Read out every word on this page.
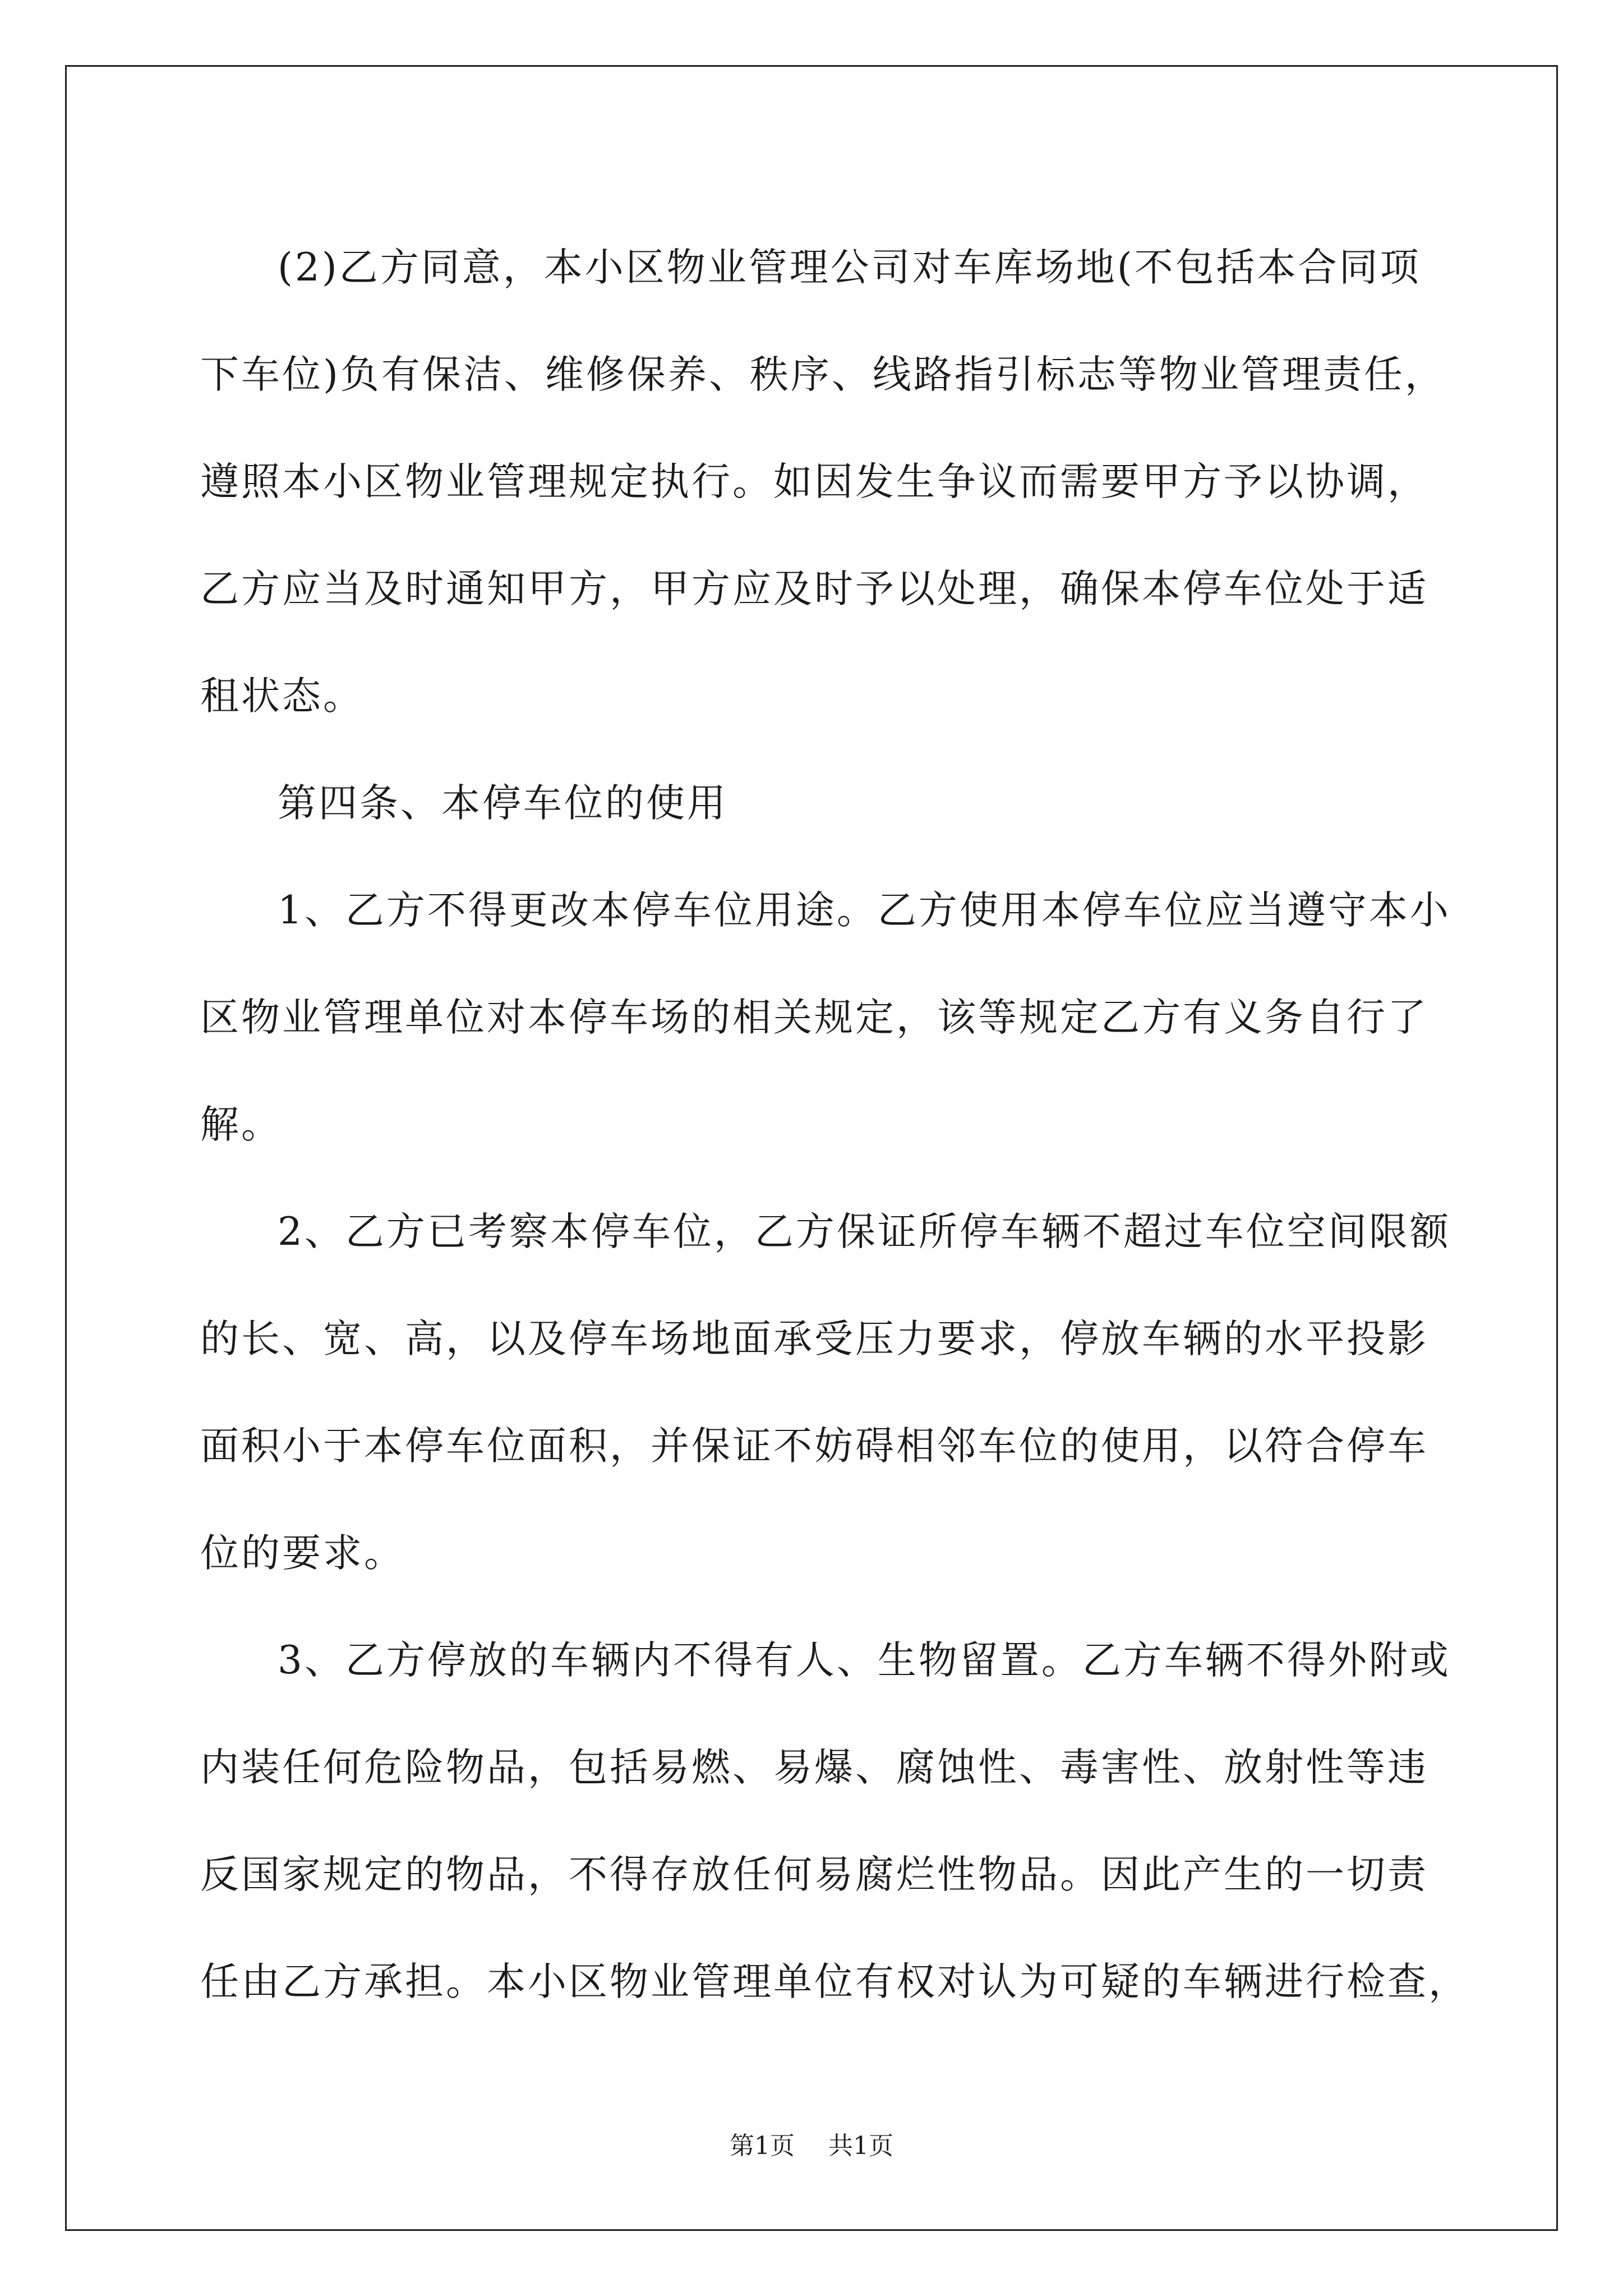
(2)乙方同意，本小区物业管理公司对车库场地(不包括本合同项
下车位)负有保洁、维修保养、秩序、线路指引标志等物业管理责任，
遵照本小区物业管理规定执行。如因发生争议而需要甲方予以协调，
乙方应当及时通知甲方，甲方应及时予以处理，确保本停车位处于适
租状态。
第四条、本停车位的使用
1、乙方不得更改本停车位用途。乙方使用本停车位应当遵守本小
区物业管理单位对本停车场的相关规定，该等规定乙方有义务自行了
解。
2、乙方已考察本停车位，乙方保证所停车辆不超过车位空间限额
的长、宽、高，以及停车场地面承受压力要求，停放车辆的水平投影
面积小于本停车位面积，并保证不妨碍相邻车位的使用，以符合停车
位的要求。
3、乙方停放的车辆内不得有人、生物留置。乙方车辆不得外附或
内装任何危险物品，包括易燃、易爆、腐蚀性、毒害性、放射性等违
反国家规定的物品，不得存放任何易腐烂性物品。因此产生的一切责
任由乙方承担。本小区物业管理单位有权对认为可疑的车辆进行检查，
第1页 共1页
